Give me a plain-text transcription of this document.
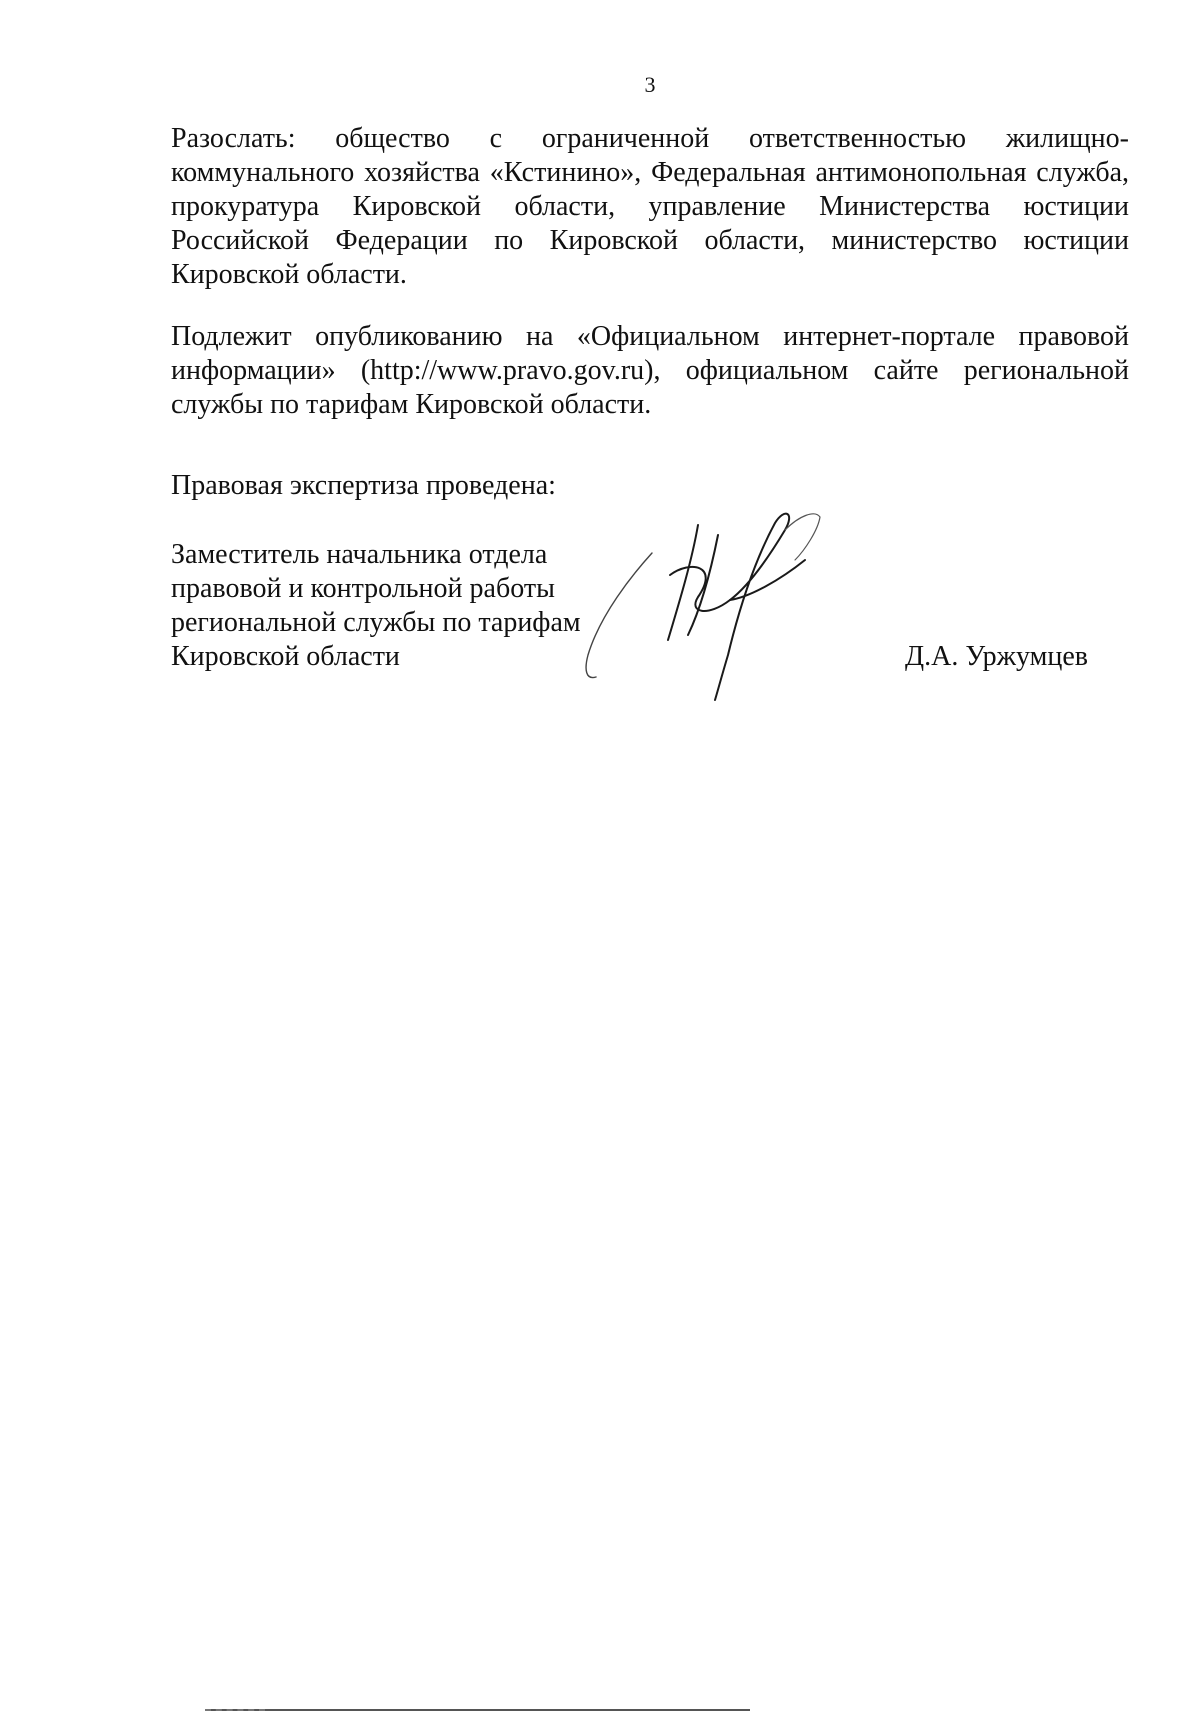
3

Разослать: общество с ограниченной ответственностью жилищно-коммунального хозяйства «Кстинино», Федеральная антимонопольная служба, прокуратура Кировской области, управление Министерства юстиции Российской Федерации по Кировской области, министерство юстиции Кировской области.

Подлежит опубликованию на «Официальном интернет-портале правовой информации» (http://www.pravo.gov.ru), официальном сайте региональной службы по тарифам Кировской области.

Правовая экспертиза проведена:

Заместитель начальника отдела
правовой и контрольной работы
региональной службы по тарифам
Кировской области	Д.А. Уржумцев
